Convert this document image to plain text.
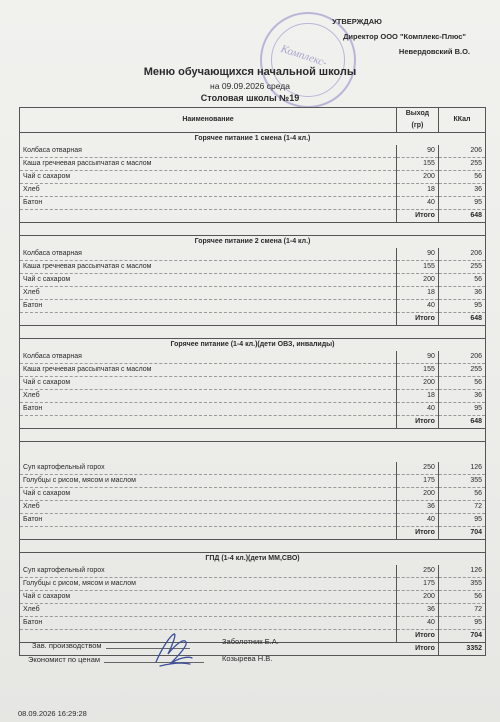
Комплекс-
УТВЕРЖДАЮ
Директор ООО "Комплекс-Плюс"
Невердовский В.О.
Меню обучающихся начальной школы
на 09.09.2026 среда
Столовая школы №19
Наименование	Выход (гр)	ККал
Горячее питание 1 смена (1-4 кл.)		
Колбаса отварная	90	206
Каша гречневая рассыпчатая с маслом	155	255
Чай с сахаром	200	56
Хлеб	18	36
Батон	40	95
	Итого	648

Горячее питание 2 смена (1-4 кл.)		
Колбаса отварная	90	206
Каша гречневая рассыпчатая с маслом	155	255
Чай с сахаром	200	56
Хлеб	18	36
Батон	40	95
	Итого	648

Горячее питание (1-4 кл.)(дети ОВЗ, инвалиды)		
Колбаса отварная	90	206
Каша гречневая рассыпчатая с маслом	155	255
Чай с сахаром	200	56
Хлеб	18	36
Батон	40	95
	Итого	648

Суп картофельный горох	250	126
Голубцы с рисом, мясом и маслом	175	355
Чай с сахаром	200	56
Хлеб	36	72
Батон	40	95
	Итого	704

ГПД (1-4 кл.)(дети ММ,СВО)		
Суп картофельный горох	250	126
Голубцы с рисом, мясом и маслом	175	355
Чай с сахаром	200	56
Хлеб	36	72
Батон	40	95
	Итого	704
	Итого	3352
Зав. производством
Экономист по ценам
Заболотник Е.А.
Козырева Н.В.
08.09.2026 16:29:28
